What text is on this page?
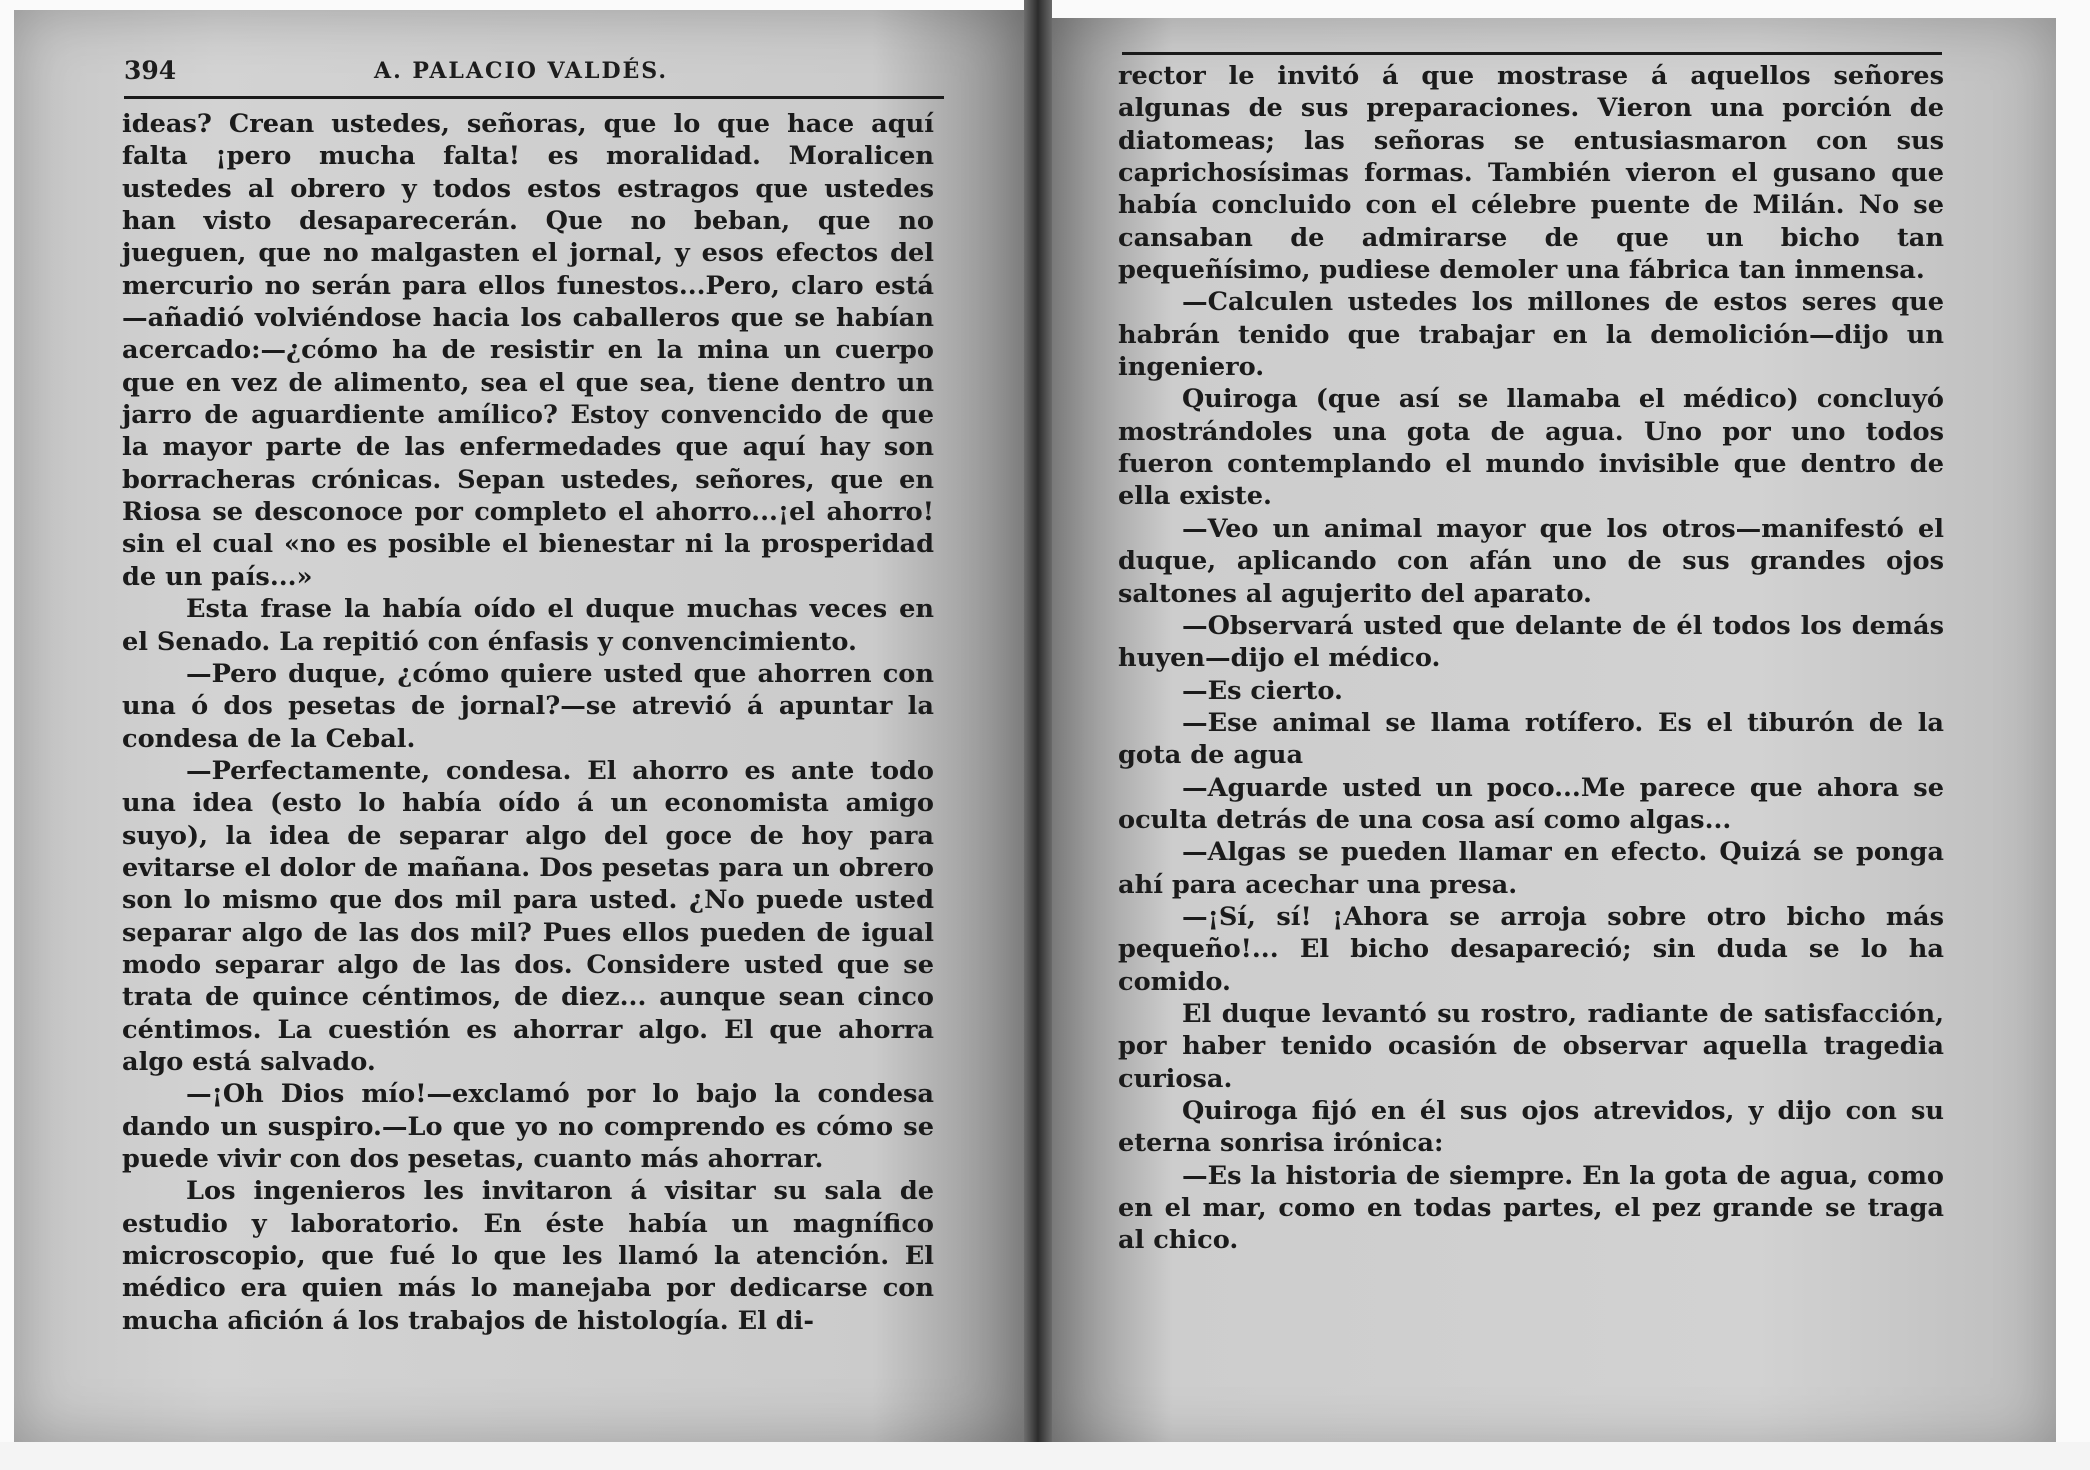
394	A. PALACIO VALDÉS.

ideas? Crean ustedes, señoras, que lo que hace aquí falta ¡pero mucha falta! es moralidad. Moralicen ustedes al obrero y todos estos estragos que ustedes han visto desaparecerán. Que no beban, que no jueguen, que no malgasten el jornal, y esos efectos del mercurio no serán para ellos funestos...Pero, claro está —añadió volviéndose hacia los caballeros que se habían acercado:—¿cómo ha de resistir en la mina un cuerpo que en vez de alimento, sea el que sea, tiene dentro un jarro de aguardiente amílico? Estoy convencido de que la mayor parte de las enfermedades que aquí hay son borracheras crónicas. Sepan ustedes, señores, que en Riosa se desconoce por completo el ahorro...¡el ahorro! sin el cual «no es posible el bienestar ni la prosperidad de un país...»

Esta frase la había oído el duque muchas veces en el Senado. La repitió con énfasis y convencimiento.

—Pero duque, ¿cómo quiere usted que ahorren con una ó dos pesetas de jornal?—se atrevió á apuntar la condesa de la Cebal.

—Perfectamente, condesa. El ahorro es ante todo una idea (esto lo había oído á un economista amigo suyo), la idea de separar algo del goce de hoy para evitarse el dolor de mañana. Dos pesetas para un obrero son lo mismo que dos mil para usted. ¿No puede usted separar algo de las dos mil? Pues ellos pueden de igual modo separar algo de las dos. Considere usted que se trata de quince céntimos, de diez... aunque sean cinco céntimos. La cuestión es ahorrar algo. El que ahorra algo está salvado.

—¡Oh Dios mío!—exclamó por lo bajo la condesa dando un suspiro.—Lo que yo no comprendo es cómo se puede vivir con dos pesetas, cuanto más ahorrar.

Los ingenieros les invitaron á visitar su sala de estudio y laboratorio. En éste había un magnífico microscopio, que fué lo que les llamó la atención. El médico era quien más lo manejaba por dedicarse con mucha afición á los trabajos de histología. El di-

rector le invitó á que mostrase á aquellos señores algunas de sus preparaciones. Vieron una porción de diatomeas; las señoras se entusiasmaron con sus caprichosísimas formas. También vieron el gusano que había concluido con el célebre puente de Milán. No se cansaban de admirarse de que un bicho tan pequeñísimo, pudiese demoler una fábrica tan inmensa.

—Calculen ustedes los millones de estos seres que habrán tenido que trabajar en la demolición—dijo un ingeniero.

Quiroga (que así se llamaba el médico) concluyó mostrándoles una gota de agua. Uno por uno todos fueron contemplando el mundo invisible que dentro de ella existe.

—Veo un animal mayor que los otros—manifestó el duque, aplicando con afán uno de sus grandes ojos saltones al agujerito del aparato.

—Observará usted que delante de él todos los demás huyen—dijo el médico.

—Es cierto.

—Ese animal se llama rotífero. Es el tiburón de la gota de agua

—Aguarde usted un poco...Me parece que ahora se oculta detrás de una cosa así como algas...

—Algas se pueden llamar en efecto. Quizá se ponga ahí para acechar una presa.

—¡Sí, sí! ¡Ahora se arroja sobre otro bicho más pequeño!... El bicho desapareció; sin duda se lo ha comido.

El duque levantó su rostro, radiante de satisfacción, por haber tenido ocasión de observar aquella tragedia curiosa.

Quiroga fijó en él sus ojos atrevidos, y dijo con su eterna sonrisa irónica:

—Es la historia de siempre. En la gota de agua, como en el mar, como en todas partes, el pez grande se traga al chico.
